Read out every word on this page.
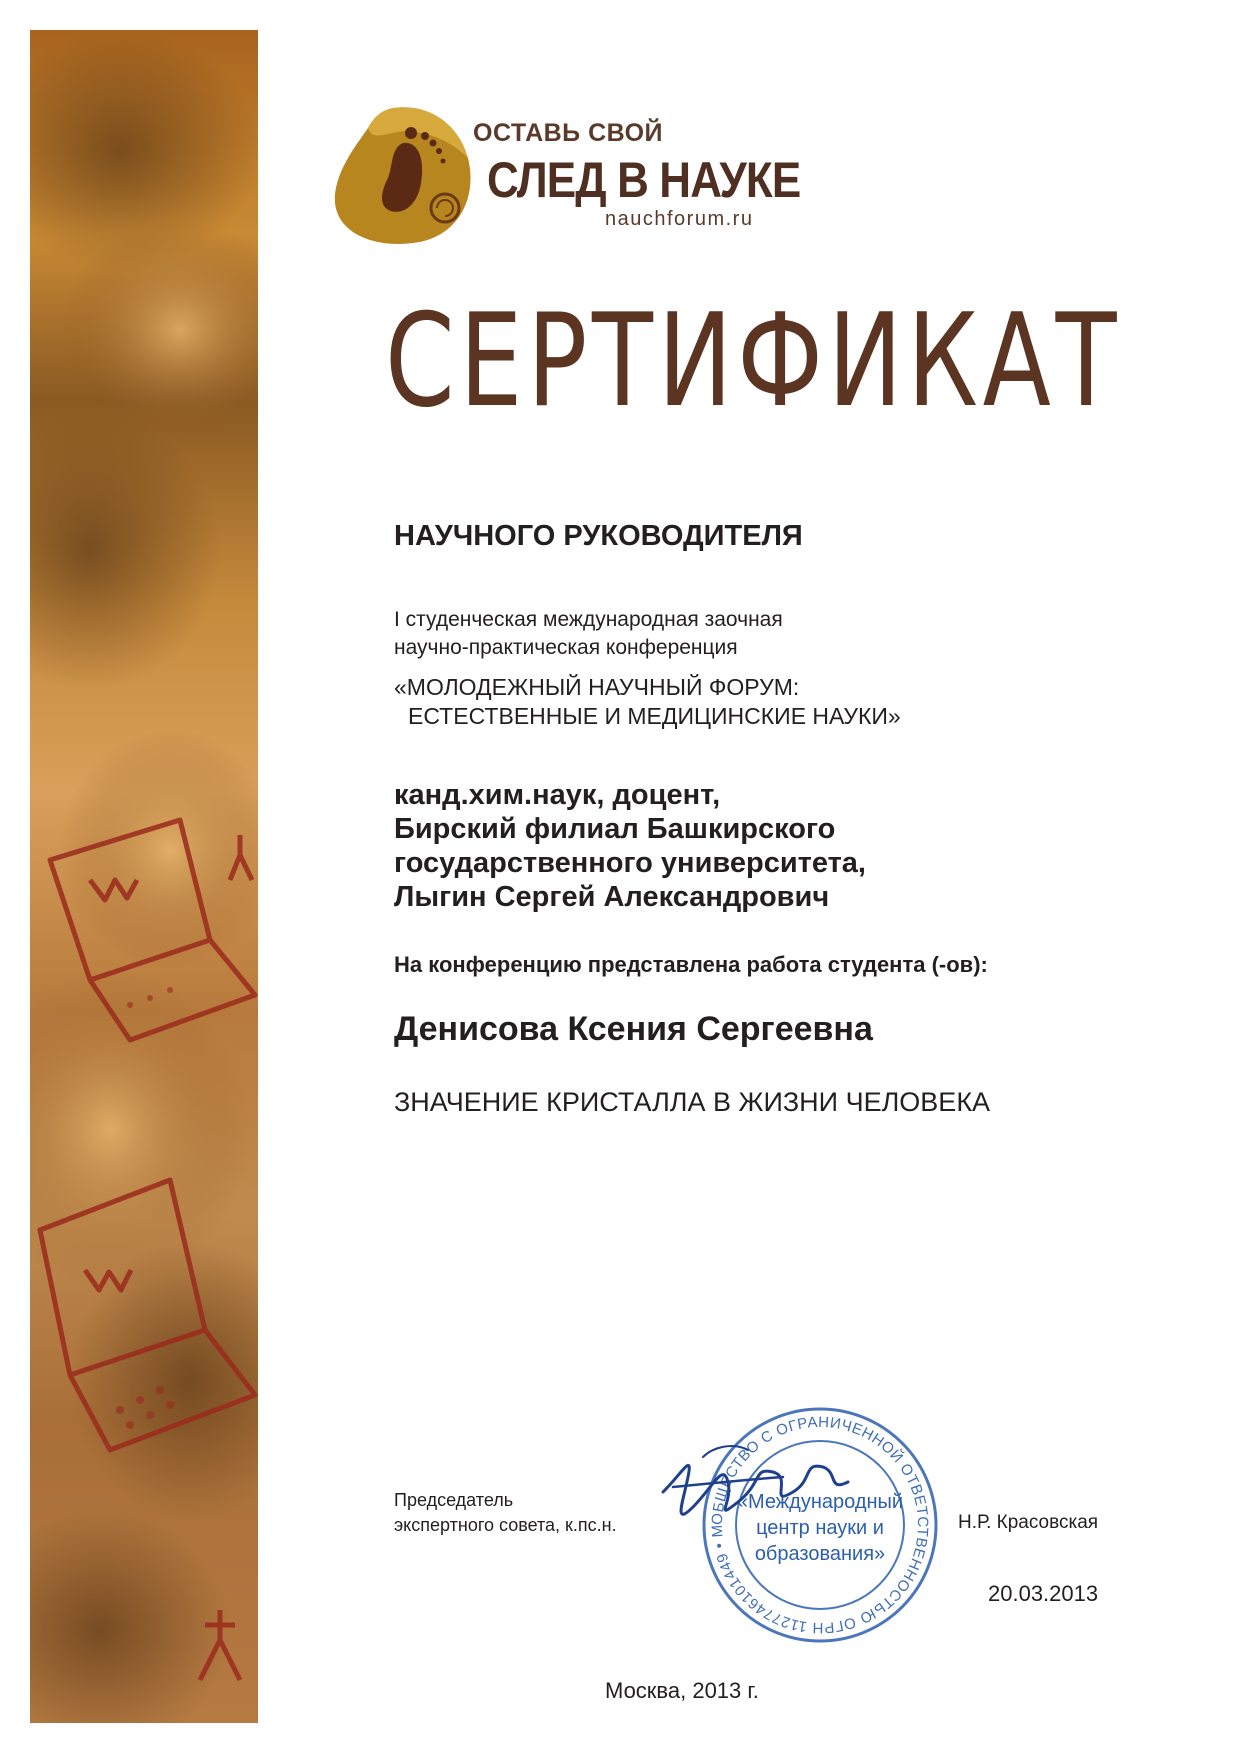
ОСТАВЬ СВОЙ
СЛЕД В НАУКЕ
nauchforum.ru
СЕРТИФИКАТ
НАУЧНОГО РУКОВОДИТЕЛЯ
I студенческая международная заочная
научно-практическая конференция
«МОЛОДЕЖНЫЙ НАУЧНЫЙ ФОРУМ:
ЕСТЕСТВЕННЫЕ И МЕДИЦИНСКИЕ НАУКИ»
канд.хим.наук, доцент,
Бирский филиал Башкирского
государственного университета,
Лыгин Сергей Александрович
На конференцию представлена работа студента (-ов):
Денисова Ксения Сергеевна
ЗНАЧЕНИЕ КРИСТАЛЛА В ЖИЗНИ ЧЕЛОВЕКА
Председатель
экспертного совета, к.пс.н.	ОБЩЕСТВО С ОГРАНИЧЕННОЙ ОТВЕТСТВЕННОСТЬЮ ОГРН 1127746101449 • М
«Международный
центр науки и
образования»
Н.Р. Красовская
20.03.2013
Москва, 2013 г.
